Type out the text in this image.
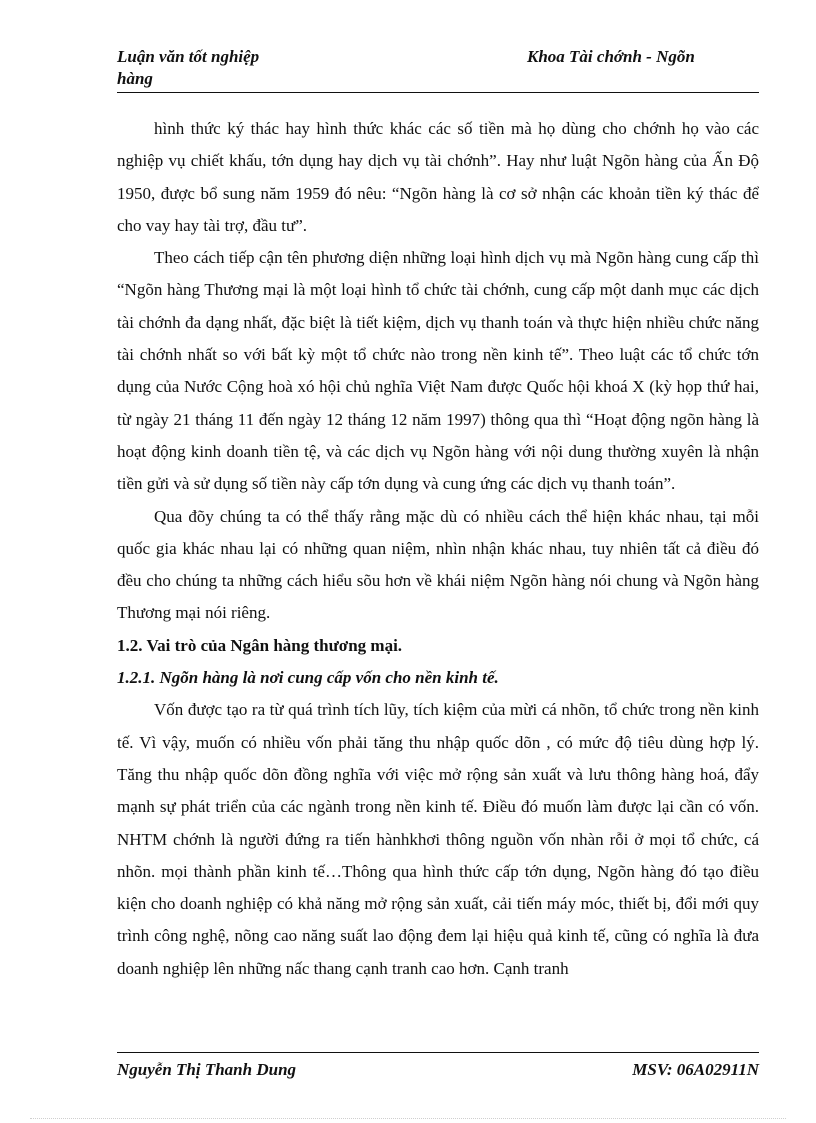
Luận văn tốt nghiệp hàng
Khoa Tài chớnh - Ngõn

hình thức ký thác hay hình thức khác các số tiền mà họ dùng cho chớnh họ vào các nghiệp vụ chiết khấu, tớn dụng hay dịch vụ tài chớnh”. Hay như luật Ngõn hàng của Ấn Độ 1950, được bổ sung năm 1959 đó nêu: “Ngõn hàng là cơ sở nhận các khoản tiền ký thác để cho vay hay tài trợ, đầu tư”.

Theo cách tiếp cận tên phương diện những loại hình dịch vụ mà Ngõn hàng cung cấp thì “Ngõn hàng Thương mại là một loại hình tổ chức tài chớnh, cung cấp một danh mục các dịch tài chớnh đa dạng nhất, đặc biệt là tiết kiệm, dịch vụ thanh toán và thực hiện nhiều chức năng tài chớnh nhất so với bất kỳ một tổ chức nào trong nền kinh tế”. Theo luật các tổ chức tớn dụng của Nước Cộng hoà xó hội chủ nghĩa Việt Nam được Quốc hội khoá X (kỳ họp thứ hai, từ ngày 21 tháng 11 đến ngày 12 tháng 12 năm 1997) thông qua thì “Hoạt động ngõn hàng là hoạt động kinh doanh tiền tệ, và các dịch vụ Ngõn hàng với nội dung thường xuyên là nhận tiền gửi và sử dụng số tiền này cấp tớn dụng và cung ứng các dịch vụ thanh toán”.

Qua đõy chúng ta có thể thấy rằng mặc dù có nhiều cách thể hiện khác nhau, tại mỗi quốc gia khác nhau lại có những quan niệm, nhìn nhận khác nhau, tuy nhiên tất cả điều đó đều cho chúng ta những cách hiểu sõu hơn về khái niệm Ngõn hàng nói chung và Ngõn hàng Thương mại nói riêng.

1.2. Vai trò của Ngân hàng thương mại.
1.2.1. Ngõn hàng là nơi cung cấp vốn cho nền kinh tế.

Vốn được tạo ra từ quá trình tích lũy, tích kiệm của mừi cá nhõn, tổ chức trong nền kinh tế. Vì vậy, muốn có nhiều vốn phải tăng thu nhập quốc dõn , có mức độ tiêu dùng hợp lý. Tăng thu nhập quốc dõn đồng nghĩa với việc mở rộng sản xuất và lưu thông hàng hoá, đẩy mạnh sự phát triển của các ngành trong nền kinh tế. Điều đó muốn làm được lại cần có vốn. NHTM chớnh là người đứng ra tiến hànhkhơi thông nguồn vốn nhàn rỗi ở mọi tổ chức, cá nhõn. mọi thành phần kinh tế…Thông qua hình thức cấp tớn dụng, Ngõn hàng đó tạo điều kiện cho doanh nghiệp có khả năng mở rộng sản xuất, cải tiến máy móc, thiết bị, đổi mới quy trình công nghệ, nõng cao năng suất lao động đem lại hiệu quả kinh tế, cũng có nghĩa là đưa doanh nghiệp lên những nấc thang cạnh tranh cao hơn. Cạnh tranh

Nguyễn Thị Thanh Dung	MSV: 06A02911N
